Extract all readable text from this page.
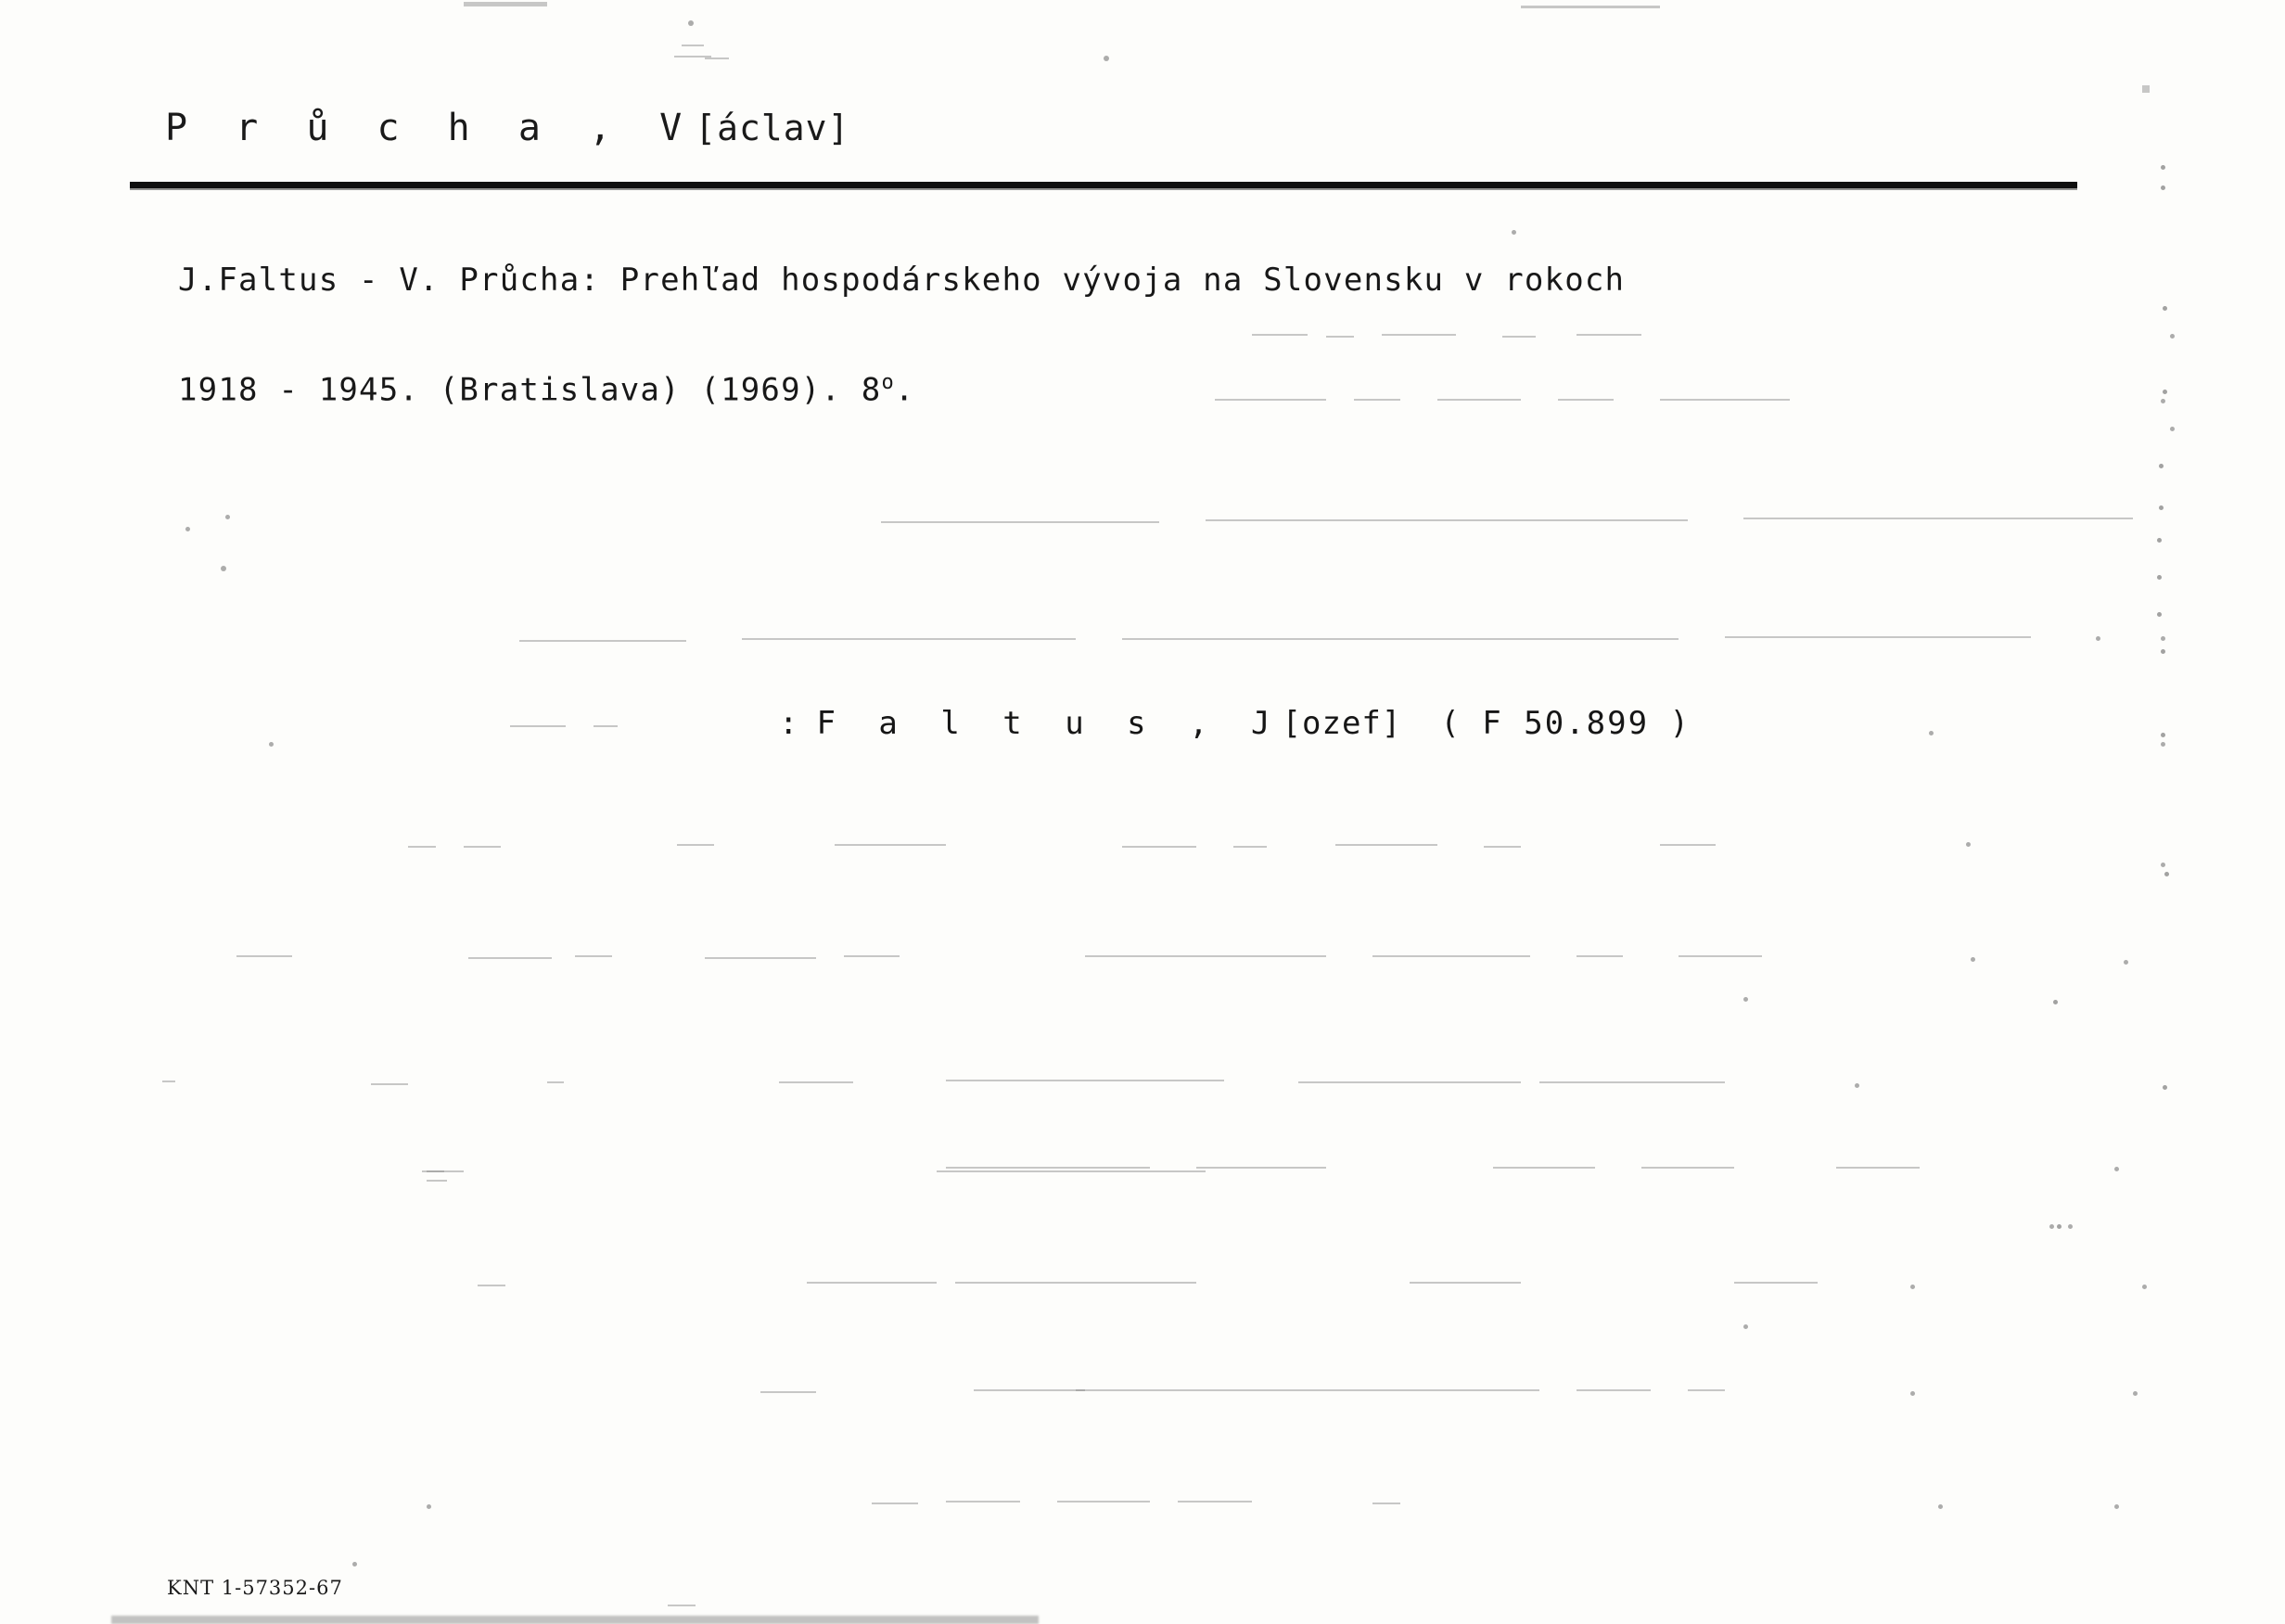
P r ů c h a , V[áclav]
J.Faltus - V. Průcha: Prehľad hospodárskeho vývoja na Slovensku v rokoch
1918 - 1945. (Bratislava) (1969). 8$^o$.
: F a l t u s , J[ozef] ( F 50.899 )
KNT 1-57352-67
